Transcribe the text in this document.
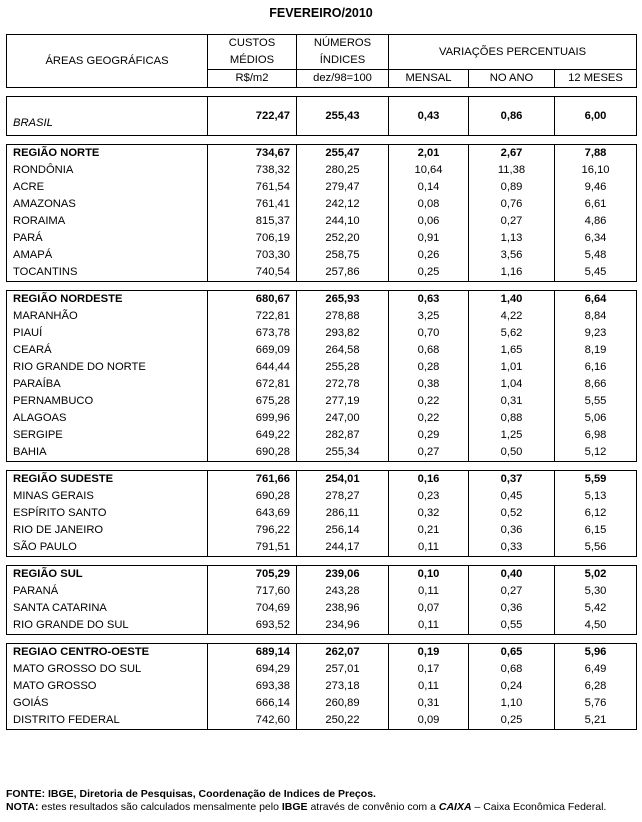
FEVEREIRO/2010
ÁREAS GEOGRÁFICAS	CUSTOS	NÚMEROS	VARIAÇÕES PERCENTUAIS		
	MÉDIOS	ÍNDICES			
	R$/m2	dez/98=100	MENSAL	NO ANO	12 MESES

BRASIL	722,47	255,43	0,43	0,86	6,00

REGIÃO NORTE	734,67	255,47	2,01	2,67	7,88
RONDÔNIA	738,32	280,25	10,64	11,38	16,10
ACRE	761,54	279,47	0,14	0,89	9,46
AMAZONAS	761,41	242,12	0,08	0,76	6,61
RORAIMA	815,37	244,10	0,06	0,27	4,86
PARÁ	706,19	252,20	0,91	1,13	6,34
AMAPÁ	703,30	258,75	0,26	3,56	5,48
TOCANTINS	740,54	257,86	0,25	1,16	5,45

REGIÃO NORDESTE	680,67	265,93	0,63	1,40	6,64
MARANHÃO	722,81	278,88	3,25	4,22	8,84
PIAUÍ	673,78	293,82	0,70	5,62	9,23
CEARÁ	669,09	264,58	0,68	1,65	8,19
RIO GRANDE DO NORTE	644,44	255,28	0,28	1,01	6,16
PARAÍBA	672,81	272,78	0,38	1,04	8,66
PERNAMBUCO	675,28	277,19	0,22	0,31	5,55
ALAGOAS	699,96	247,00	0,22	0,88	5,06
SERGIPE	649,22	282,87	0,29	1,25	6,98
BAHIA	690,28	255,34	0,27	0,50	5,12

REGIÃO SUDESTE	761,66	254,01	0,16	0,37	5,59
MINAS GERAIS	690,28	278,27	0,23	0,45	5,13
ESPÍRITO SANTO	643,69	286,11	0,32	0,52	6,12
RIO DE JANEIRO	796,22	256,14	0,21	0,36	6,15
SÃO PAULO	791,51	244,17	0,11	0,33	5,56

REGIÃO SUL	705,29	239,06	0,10	0,40	5,02
PARANÁ	717,60	243,28	0,11	0,27	5,30
SANTA CATARINA	704,69	238,96	0,07	0,36	5,42
RIO GRANDE DO SUL	693,52	234,96	0,11	0,55	4,50

REGIAO CENTRO-OESTE	689,14	262,07	0,19	0,65	5,96
MATO GROSSO DO SUL	694,29	257,01	0,17	0,68	6,49
MATO GROSSO	693,38	273,18	0,11	0,24	6,28
GOIÁS	666,14	260,89	0,31	1,10	5,76
DISTRITO FEDERAL	742,60	250,22	0,09	0,25	5,21
FONTE: IBGE, Diretoria de Pesquisas, Coordenação de Indices de Preços.
NOTA: estes resultados são calculados mensalmente pelo IBGE através de convênio com a CAIXA – Caixa Econômica Federal.
